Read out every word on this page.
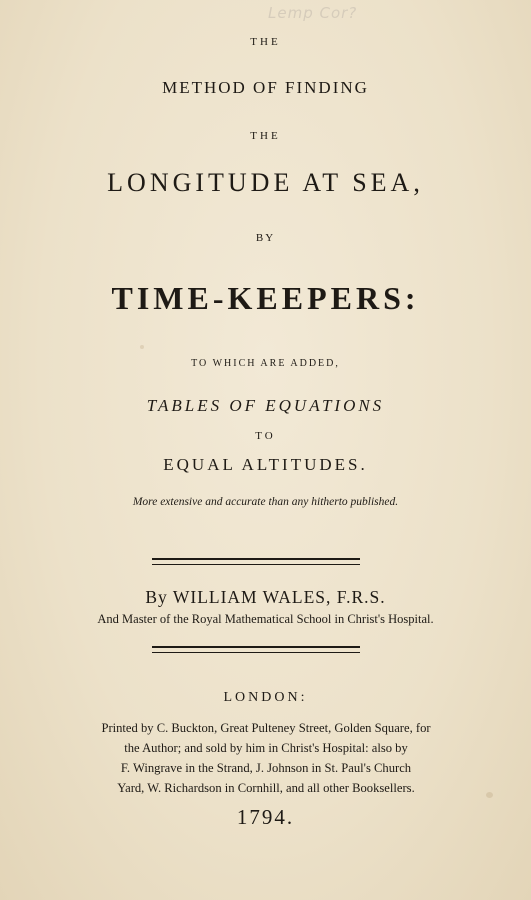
Lemp Cor?
THE
METHOD OF FINDING
THE
LONGITUDE AT SEA,
BY
TIME-KEEPERS:
TO WHICH ARE ADDED,
TABLES OF EQUATIONS
TO
EQUAL ALTITUDES.
More extensive and accurate than any hitherto published.
By WILLIAM WALES, F.R.S.
And Master of the Royal Mathematical School in Christ's Hospital.
LONDON:
Printed by C. Buckton, Great Pulteney Street, Golden Square, for
the Author; and sold by him in Christ's Hospital: also by
F. Wingrave in the Strand, J. Johnson in St. Paul's Church
Yard, W. Richardson in Cornhill, and all other Booksellers.
1794.
